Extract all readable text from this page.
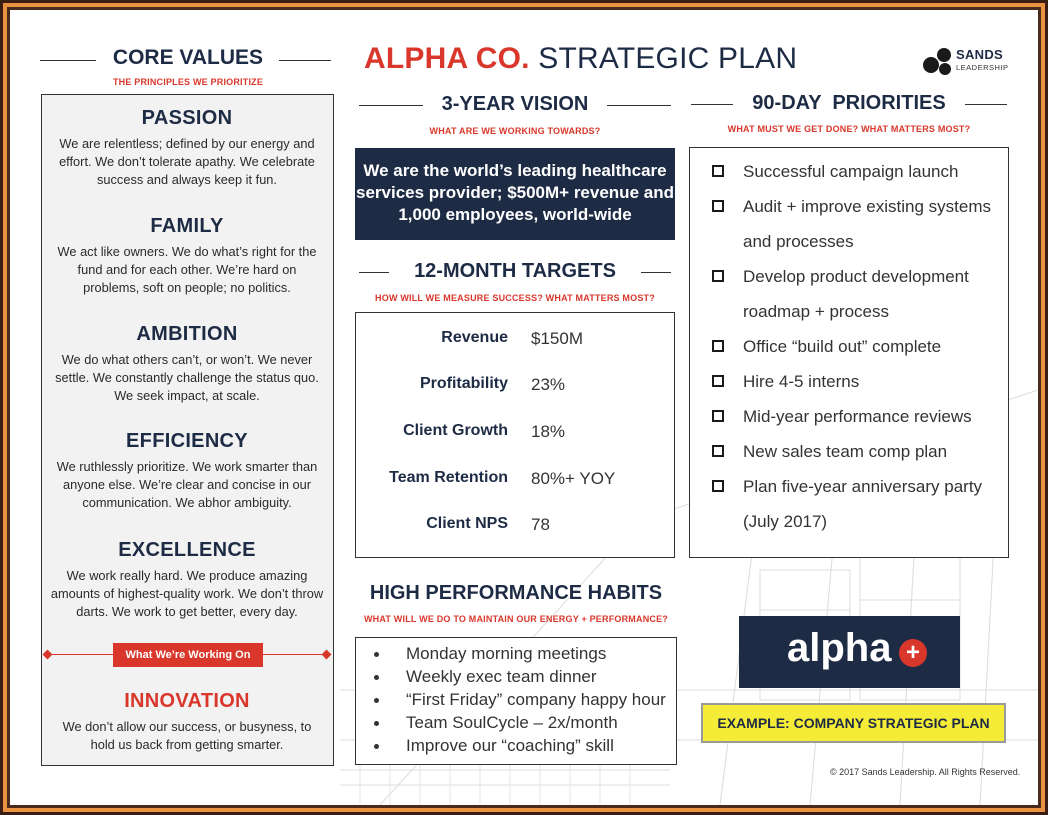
CORE VALUES
THE PRINCIPLES WE PRIORITIZE
PASSION
We are relentless; defined by our energy and effort. We don’t tolerate apathy. We celebrate success and always keep it fun.
FAMILY
We act like owners. We do what’s right for the fund and for each other. We’re hard on problems, soft on people; no politics.
AMBITION
We do what others can’t, or won’t. We never settle. We constantly challenge the status quo. We seek impact, at scale.
EFFICIENCY
We ruthlessly prioritize. We work smarter than anyone else. We’re clear and concise in our communication. We abhor ambiguity.
EXCELLENCE
We work really hard. We produce amazing amounts of highest-quality work. We don’t throw darts. We work to get better, every day.
INNOVATION
We don’t allow our success, or busyness, to hold us back from getting smarter.
What We’re Working On
ALPHA CO. STRATEGIC PLAN	SANDS
LEADERSHIP
3-YEAR VISION
WHAT ARE WE WORKING TOWARDS?
We are the world’s leading healthcare services provider; $500M+ revenue and 1,000 employees, world-wide
12-MONTH TARGETS
HOW WILL WE MEASURE SUCCESS? WHAT MATTERS MOST?
Revenue $150M
Profitability 23%
Client Growth 18%
Team Retention 80%+ YOY
Client NPS 78
90-DAY  PRIORITIES
WHAT MUST WE GET DONE? WHAT MATTERS MOST?
Successful campaign launch
Audit + improve existing systems and processes
Develop product development roadmap + process
Office “build out” complete
Hire 4-5 interns
Mid-year performance reviews
New sales team comp plan
Plan five-year anniversary party (July 2017)
HIGH PERFORMANCE HABITS
WHAT WILL WE DO TO MAINTAIN OUR ENERGY + PERFORMANCE?
Monday morning meetings
Weekly exec team dinner
“First Friday” company happy hour
Team SoulCycle – 2x/month
Improve our “coaching” skill
alpha +
EXAMPLE: COMPANY STRATEGIC PLAN
© 2017 Sands Leadership. All Rights Reserved.
